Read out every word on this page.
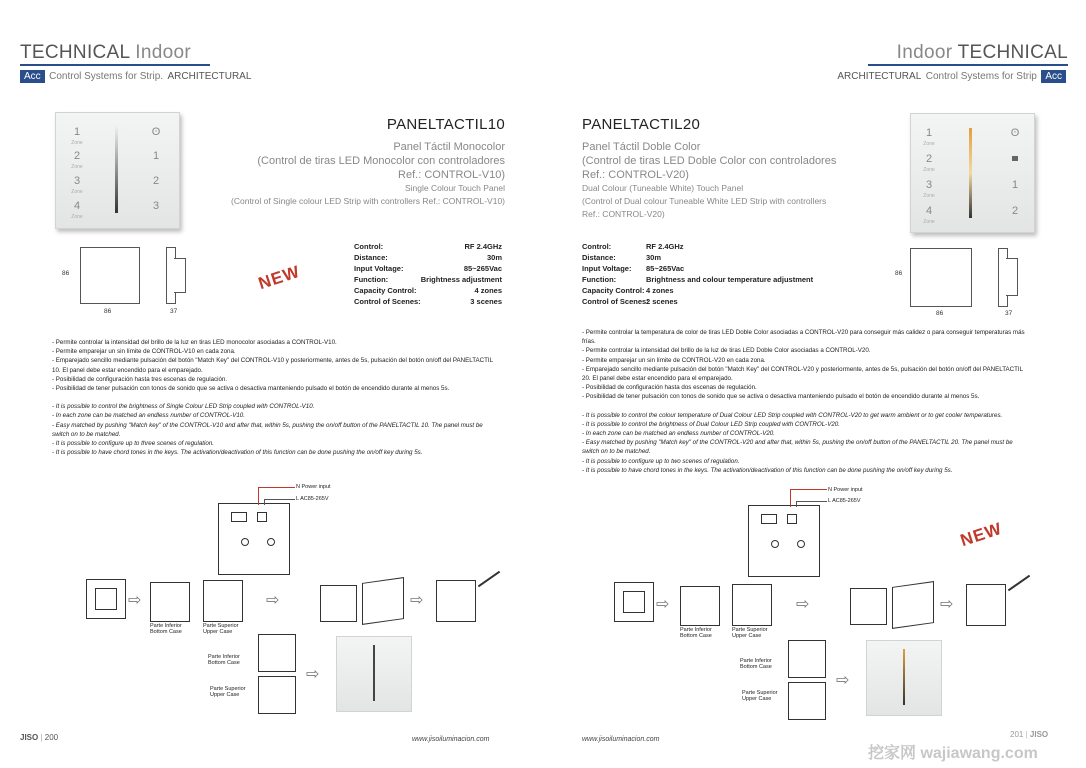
TECHNICAL Indoor
Acc Control Systems for Strip. ARCHITECTURAL
Indoor TECHNICAL
ARCHITECTURAL Control Systems for Strip Acc
1
Zone
2
Zone
3
Zone
4
Zone
ʘ
1
2
3
1
Zone
2
Zone
3
Zone
4
Zone
ʘ
1
2
PANELTACTIL10
Panel Táctil Monocolor
(Control de tiras LED Monocolor con controladores
Ref.: CONTROL-V10)
Single Colour Touch Panel
(Control of Single colour LED Strip with controllers Ref.: CONTROL-V10)
PANELTACTIL20
Panel Táctil Doble Color
(Control de tiras LED Doble Color con controladores
Ref.: CONTROL-V20)
Dual Colour (Tuneable White) Touch Panel
(Control of Dual colour Tuneable White LED Strip with controllers
Ref.: CONTROL-V20)
86
86	37
86
86	37
NEW
NEW
Control:	RF 2.4GHz
Distance:	30m
Input Voltage:	85~265Vac
Function:	Brightness adjustment
Capacity Control:	4 zones
Control of Scenes:	3 scenes
Control:	RF 2.4GHz
Distance:	30m
Input Voltage: 85~265Vac
Function:	Brightness and colour temperature adjustment
Capacity Control:4 zones
Control of Scenes:2 scenes
- Permite controlar la intensidad del brillo de la luz en tiras LED monocolor asociadas a CONTROL-V10.
- Permite emparejar un sin límite de CONTROL-V10 en cada zona.
- Emparejado sencillo mediante pulsación del botón "Match Key" del CONTROL-V10 y posteriormente, antes de 5s, pulsación del botón on/off del PANELTACTIL
10. El panel debe estar encendido para el emparejado.
- Posibilidad de configuración hasta tres escenas de regulación.
- Posibilidad de tener pulsación con tonos de sonido que se activa o desactiva manteniendo pulsado el botón de encendido durante al menos 5s.
- It is possible to control the brightness of Single Colour LED Strip coupled with CONTROL-V10.
- In each zone can be matched an endless number of CONTROL-V10.
- Easy matched by pushing "Match key" of the CONTROL-V10 and after that, within 5s, pushing the on/off button of the PANELTACTIL 10. The panel must be
switch on to be matched.
- It is possible to configure up to three scenes of regulation.
- It is possible to have chord tones in the keys. The activation/deactivation of this function can be done pushing the on/off key during 5s.
- Permite controlar la temperatura de color de tiras LED Doble Color asociadas a CONTROL-V20 para conseguir más calidez o para conseguir temperaturas más
frías.
- Permite controlar la intensidad del brillo de la luz de tiras LED Doble Color asociadas a CONTROL-V20.
- Permite emparejar un sin límite de CONTROL-V20 en cada zona.
- Emparejado sencillo mediante pulsación del botón "Match Key" del CONTROL-V20 y posteriormente, antes de 5s, pulsación del botón on/off del PANELTACTIL
20. El panel debe estar encendido para el emparejado.
- Posibilidad de configuración hasta dos escenas de regulación.
- Posibilidad de tener pulsación con tonos de sonido que se activa o desactiva manteniendo pulsado el botón de encendido durante al menos 5s.
- It is possible to control the colour temperature of Dual Colour LED Strip coupled with CONTROL-V20 to get warm ambient or to get cooler temperatures.
- It is possible to control the brightness of Dual Colour LED Strip coupled with CONTROL-V20.
- In each zone can be matched an endless number of CONTROL-V20.
- Easy matched by pushing "Match key" of the CONTROL-V20 and after that, within 5s, pushing the on/off button of the PANELTACTIL 20. The panel must be
switch on to be matched.
- It is possible to configure up to two scenes of regulation.
- It is possible to have chord tones in the keys. The activation/deactivation of this function can be done pushing the on/off key during 5s.
N Power input
L AC85-265V
⇨
Parte Inferior
Bottom Case
Parte Superior
Upper Case
⇨	⇨
Parte Inferior
Bottom Case
Parte Superior
Upper Case
⇨
N Power input
L AC85-265V
⇨
Parte Inferior
Bottom Case
Parte Superior
Upper Case
⇨	⇨
Parte Inferior
Bottom Case
Parte Superior
Upper Case
⇨
JISO | 200	www.jisoiluminacion.com	www.jisoiluminacion.com
201 | JISO
挖家网 wajiawang.com
